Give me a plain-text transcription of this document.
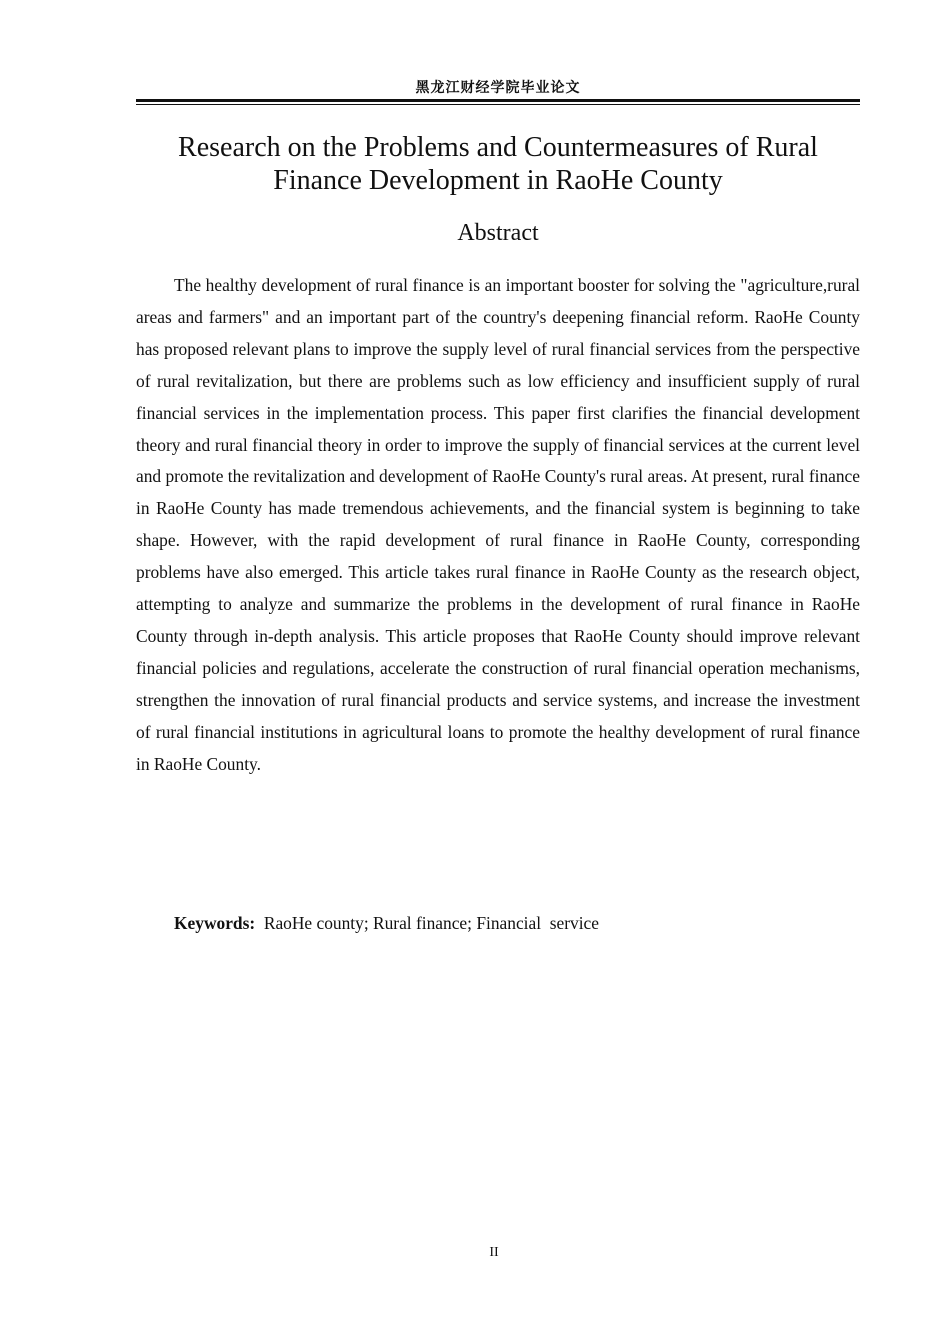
黑龙江财经学院毕业论文
Research on the Problems and Countermeasures of Rural Finance Development in RaoHe County
Abstract

The healthy development of rural finance is an important booster for solving the "agriculture,rural areas and farmers" and an important part of the country's deepening financial reform. RaoHe County has proposed relevant plans to improve the supply level of rural financial services from the perspective of rural revitalization, but there are problems such as low efficiency and insufficient supply of rural financial services in the implementation process. This paper first clarifies the financial development theory and rural financial theory in order to improve the supply of financial services at the current level and promote the revitalization and development of RaoHe County's rural areas. At present, rural finance in RaoHe County has made tremendous achievements, and the financial system is beginning to take shape. However, with the rapid development of rural finance in RaoHe County, corresponding problems have also emerged. This article takes rural finance in RaoHe County as the research object, attempting to analyze and summarize the problems in the development of rural finance in RaoHe County through in-depth analysis. This article proposes that RaoHe County should improve relevant financial policies and regulations, accelerate the construction of rural financial operation mechanisms, strengthen the innovation of rural financial products and service systems, and increase the investment of rural financial institutions in agricultural loans to promote the healthy development of rural finance in RaoHe County.

Keywords:  RaoHe county; Rural finance; Financial  service
II
